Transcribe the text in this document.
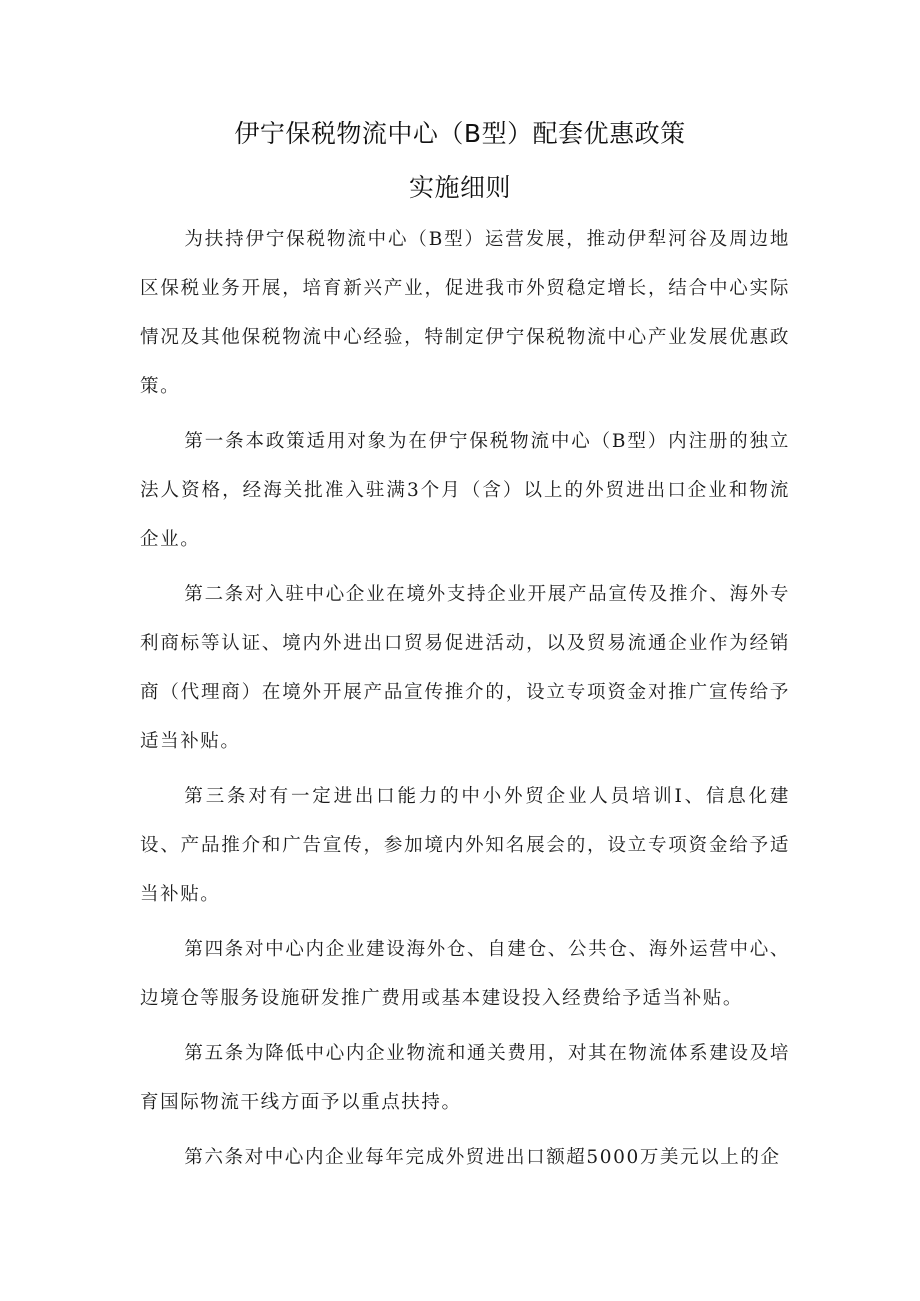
伊宁保税物流中心（B型）配套优惠政策
实施细则

为扶持伊宁保税物流中心（B型）运营发展，推动伊犁河谷及周边地区保税业务开展，培育新兴产业，促进我市外贸稳定增长，结合中心实际情况及其他保税物流中心经验，特制定伊宁保税物流中心产业发展优惠政策。

第一条本政策适用对象为在伊宁保税物流中心（B型）内注册的独立法人资格，经海关批准入驻满3个月（含）以上的外贸进出口企业和物流企业。

第二条对入驻中心企业在境外支持企业开展产品宣传及推介、海外专利商标等认证、境内外进出口贸易促进活动，以及贸易流通企业作为经销商（代理商）在境外开展产品宣传推介的，设立专项资金对推广宣传给予适当补贴。

第三条对有一定进出口能力的中小外贸企业人员培训I、信息化建设、产品推介和广告宣传，参加境内外知名展会的，设立专项资金给予适当补贴。

第四条对中心内企业建设海外仓、自建仓、公共仓、海外运营中心、边境仓等服务设施研发推广费用或基本建设投入经费给予适当补贴。

第五条为降低中心内企业物流和通关费用，对其在物流体系建设及培育国际物流干线方面予以重点扶持。

第六条对中心内企业每年完成外贸进出口额超5000万美元以上的企
